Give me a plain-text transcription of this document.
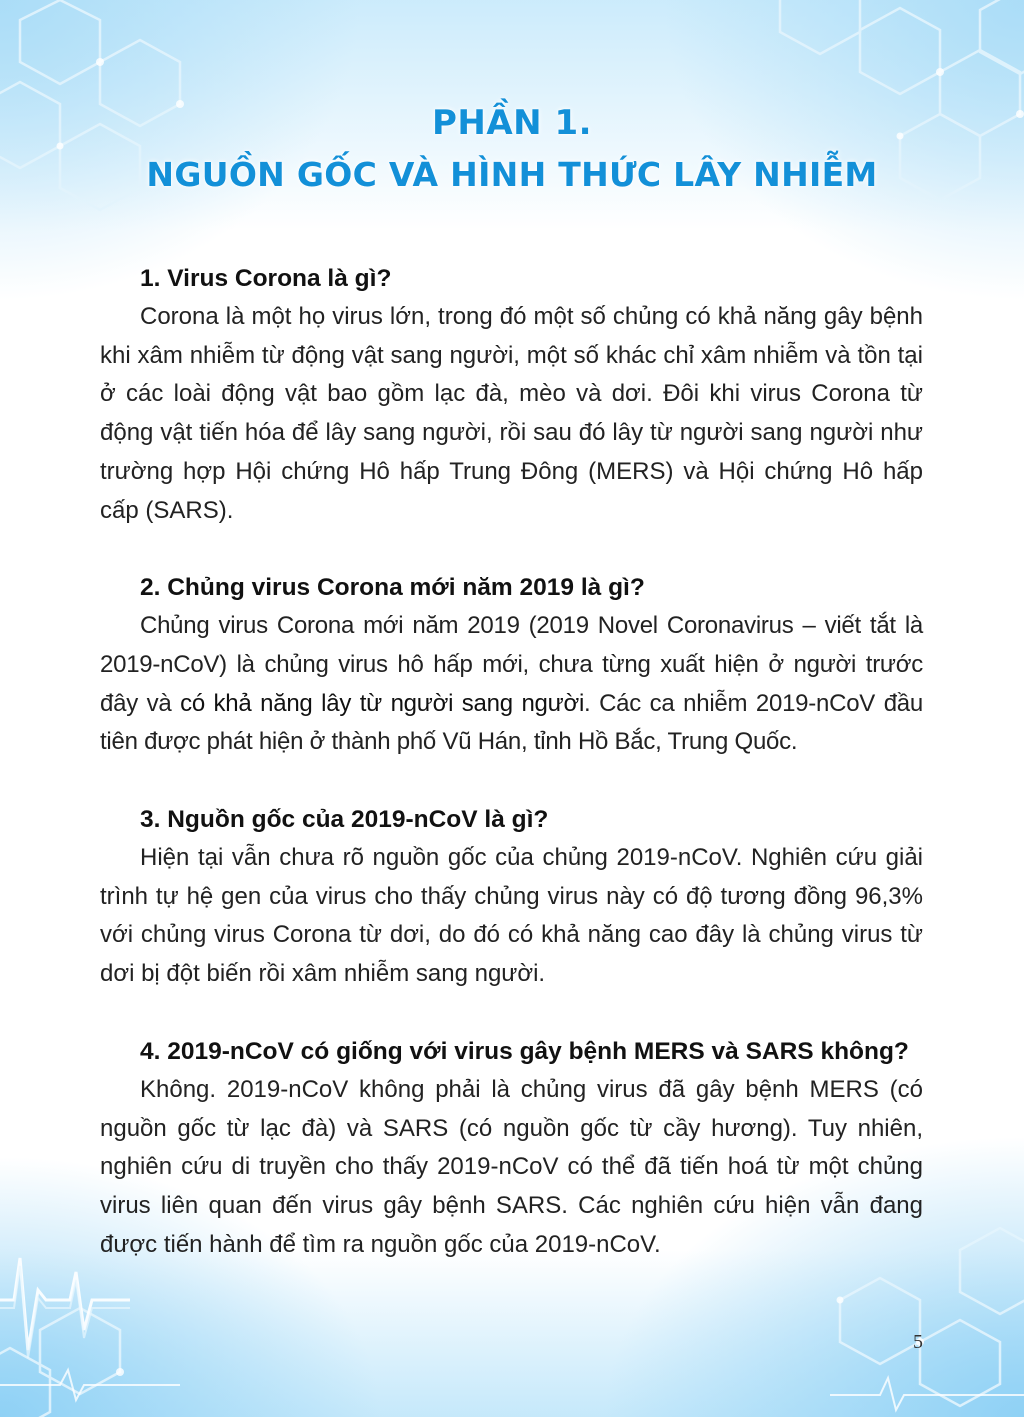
PHẦN 1.
NGUỒN GỐC VÀ HÌNH THỨC LÂY NHIỄM
1. Virus Corona là gì?

Corona là một họ virus lớn, trong đó một số chủng có khả năng gây bệnh khi xâm nhiễm từ động vật sang người, một số khác chỉ xâm nhiễm và tồn tại ở các loài động vật bao gồm lạc đà, mèo và dơi. Đôi khi virus Corona từ động vật tiến hóa để lây sang người, rồi sau đó lây từ người sang người như trường hợp Hội chứng Hô hấp Trung Đông (MERS) và Hội chứng Hô hấp cấp (SARS).

2. Chủng virus Corona mới năm 2019 là gì?

Chủng virus Corona mới năm 2019 (2019 Novel Coronavirus – viết tắt là 2019-nCoV) là chủng virus hô hấp mới, chưa từng xuất hiện ở người trước đây và có khả năng lây từ người sang người. Các ca nhiễm 2019-nCoV đầu tiên được phát hiện ở thành phố Vũ Hán, tỉnh Hồ Bắc, Trung Quốc.

3. Nguồn gốc của 2019-nCoV là gì?

Hiện tại vẫn chưa rõ nguồn gốc của chủng 2019-nCoV. Nghiên cứu giải trình tự hệ gen của virus cho thấy chủng virus này có độ tương đồng 96,3% với chủng virus Corona từ dơi, do đó có khả năng cao đây là chủng virus từ dơi bị đột biến rồi xâm nhiễm sang người.

4. 2019-nCoV có giống với virus gây bệnh MERS và SARS không?

Không. 2019-nCoV không phải là chủng virus đã gây bệnh MERS (có nguồn gốc từ lạc đà) và SARS (có nguồn gốc từ cầy hương). Tuy nhiên, nghiên cứu di truyền cho thấy 2019-nCoV có thể đã tiến hoá từ một chủng virus liên quan đến virus gây bệnh SARS. Các nghiên cứu hiện vẫn đang được tiến hành để tìm ra nguồn gốc của 2019-nCoV.

5
